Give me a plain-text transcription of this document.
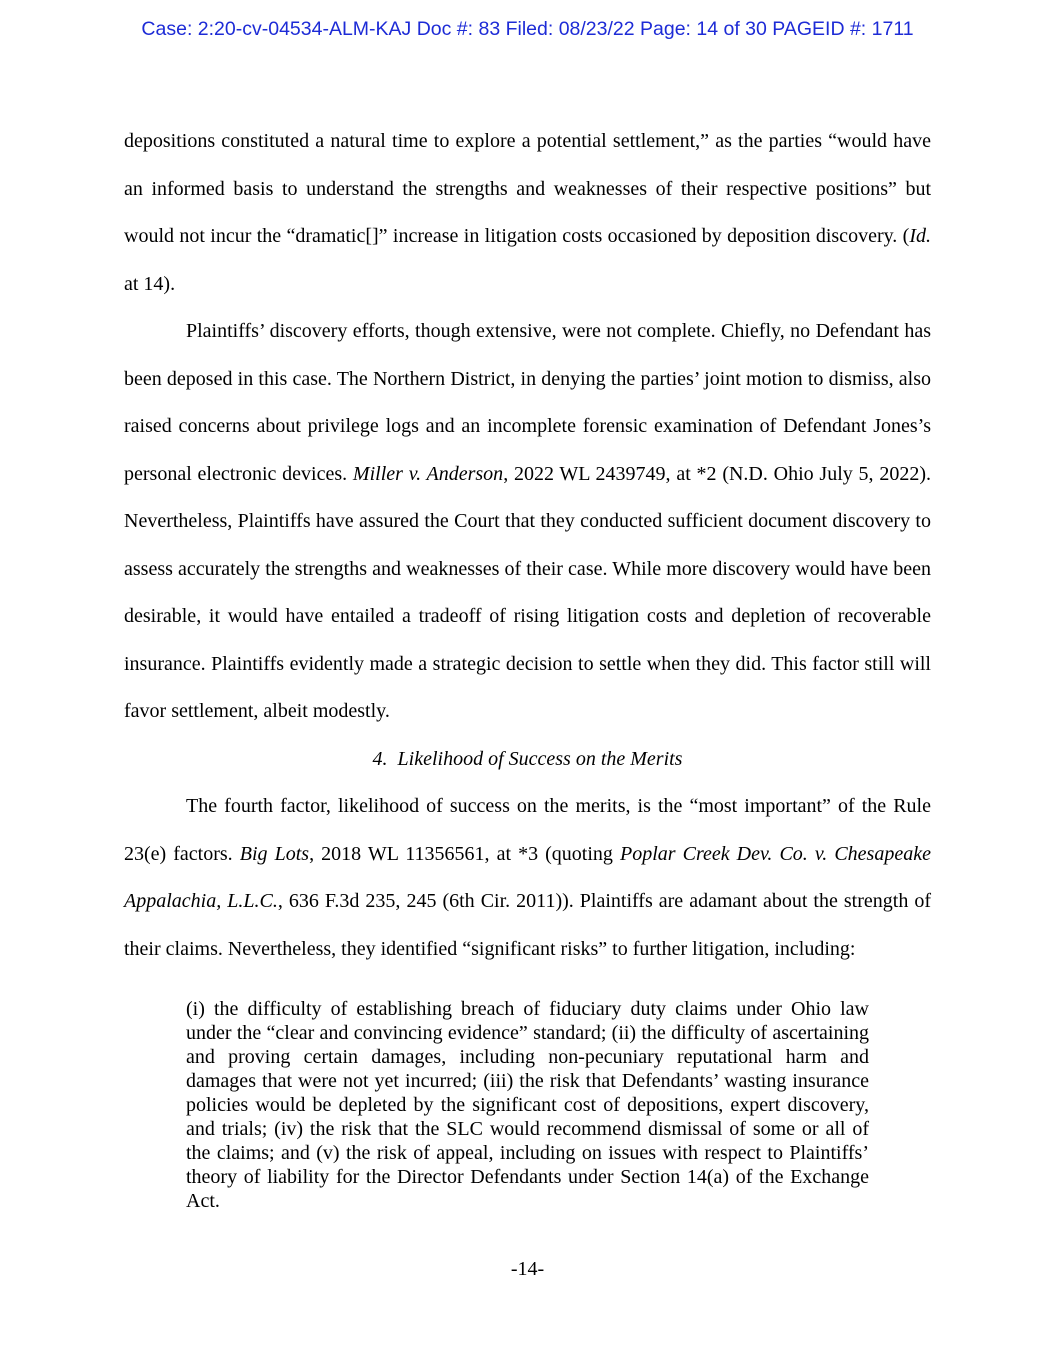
Case: 2:20-cv-04534-ALM-KAJ Doc #: 83 Filed: 08/23/22 Page: 14 of 30 PAGEID #: 1711

depositions constituted a natural time to explore a potential settlement,” as the parties “would have an informed basis to understand the strengths and weaknesses of their respective positions” but would not incur the “dramatic[]” increase in litigation costs occasioned by deposition discovery. (Id. at 14).

Plaintiffs’ discovery efforts, though extensive, were not complete. Chiefly, no Defendant has been deposed in this case. The Northern District, in denying the parties’ joint motion to dismiss, also raised concerns about privilege logs and an incomplete forensic examination of Defendant Jones’s personal electronic devices. Miller v. Anderson, 2022 WL 2439749, at *2 (N.D. Ohio July 5, 2022). Nevertheless, Plaintiffs have assured the Court that they conducted sufficient document discovery to assess accurately the strengths and weaknesses of their case. While more discovery would have been desirable, it would have entailed a tradeoff of rising litigation costs and depletion of recoverable insurance. Plaintiffs evidently made a strategic decision to settle when they did. This factor still will favor settlement, albeit modestly.

4. Likelihood of Success on the Merits

The fourth factor, likelihood of success on the merits, is the “most important” of the Rule 23(e) factors. Big Lots, 2018 WL 11356561, at *3 (quoting Poplar Creek Dev. Co. v. Chesapeake Appalachia, L.L.C., 636 F.3d 235, 245 (6th Cir. 2011)). Plaintiffs are adamant about the strength of their claims. Nevertheless, they identified “significant risks” to further litigation, including:

(i) the difficulty of establishing breach of fiduciary duty claims under Ohio law under the “clear and convincing evidence” standard; (ii) the difficulty of ascertaining and proving certain damages, including non-pecuniary reputational harm and damages that were not yet incurred; (iii) the risk that Defendants’ wasting insurance policies would be depleted by the significant cost of depositions, expert discovery, and trials; (iv) the risk that the SLC would recommend dismissal of some or all of the claims; and (v) the risk of appeal, including on issues with respect to Plaintiffs’ theory of liability for the Director Defendants under Section 14(a) of the Exchange Act.
-14-
